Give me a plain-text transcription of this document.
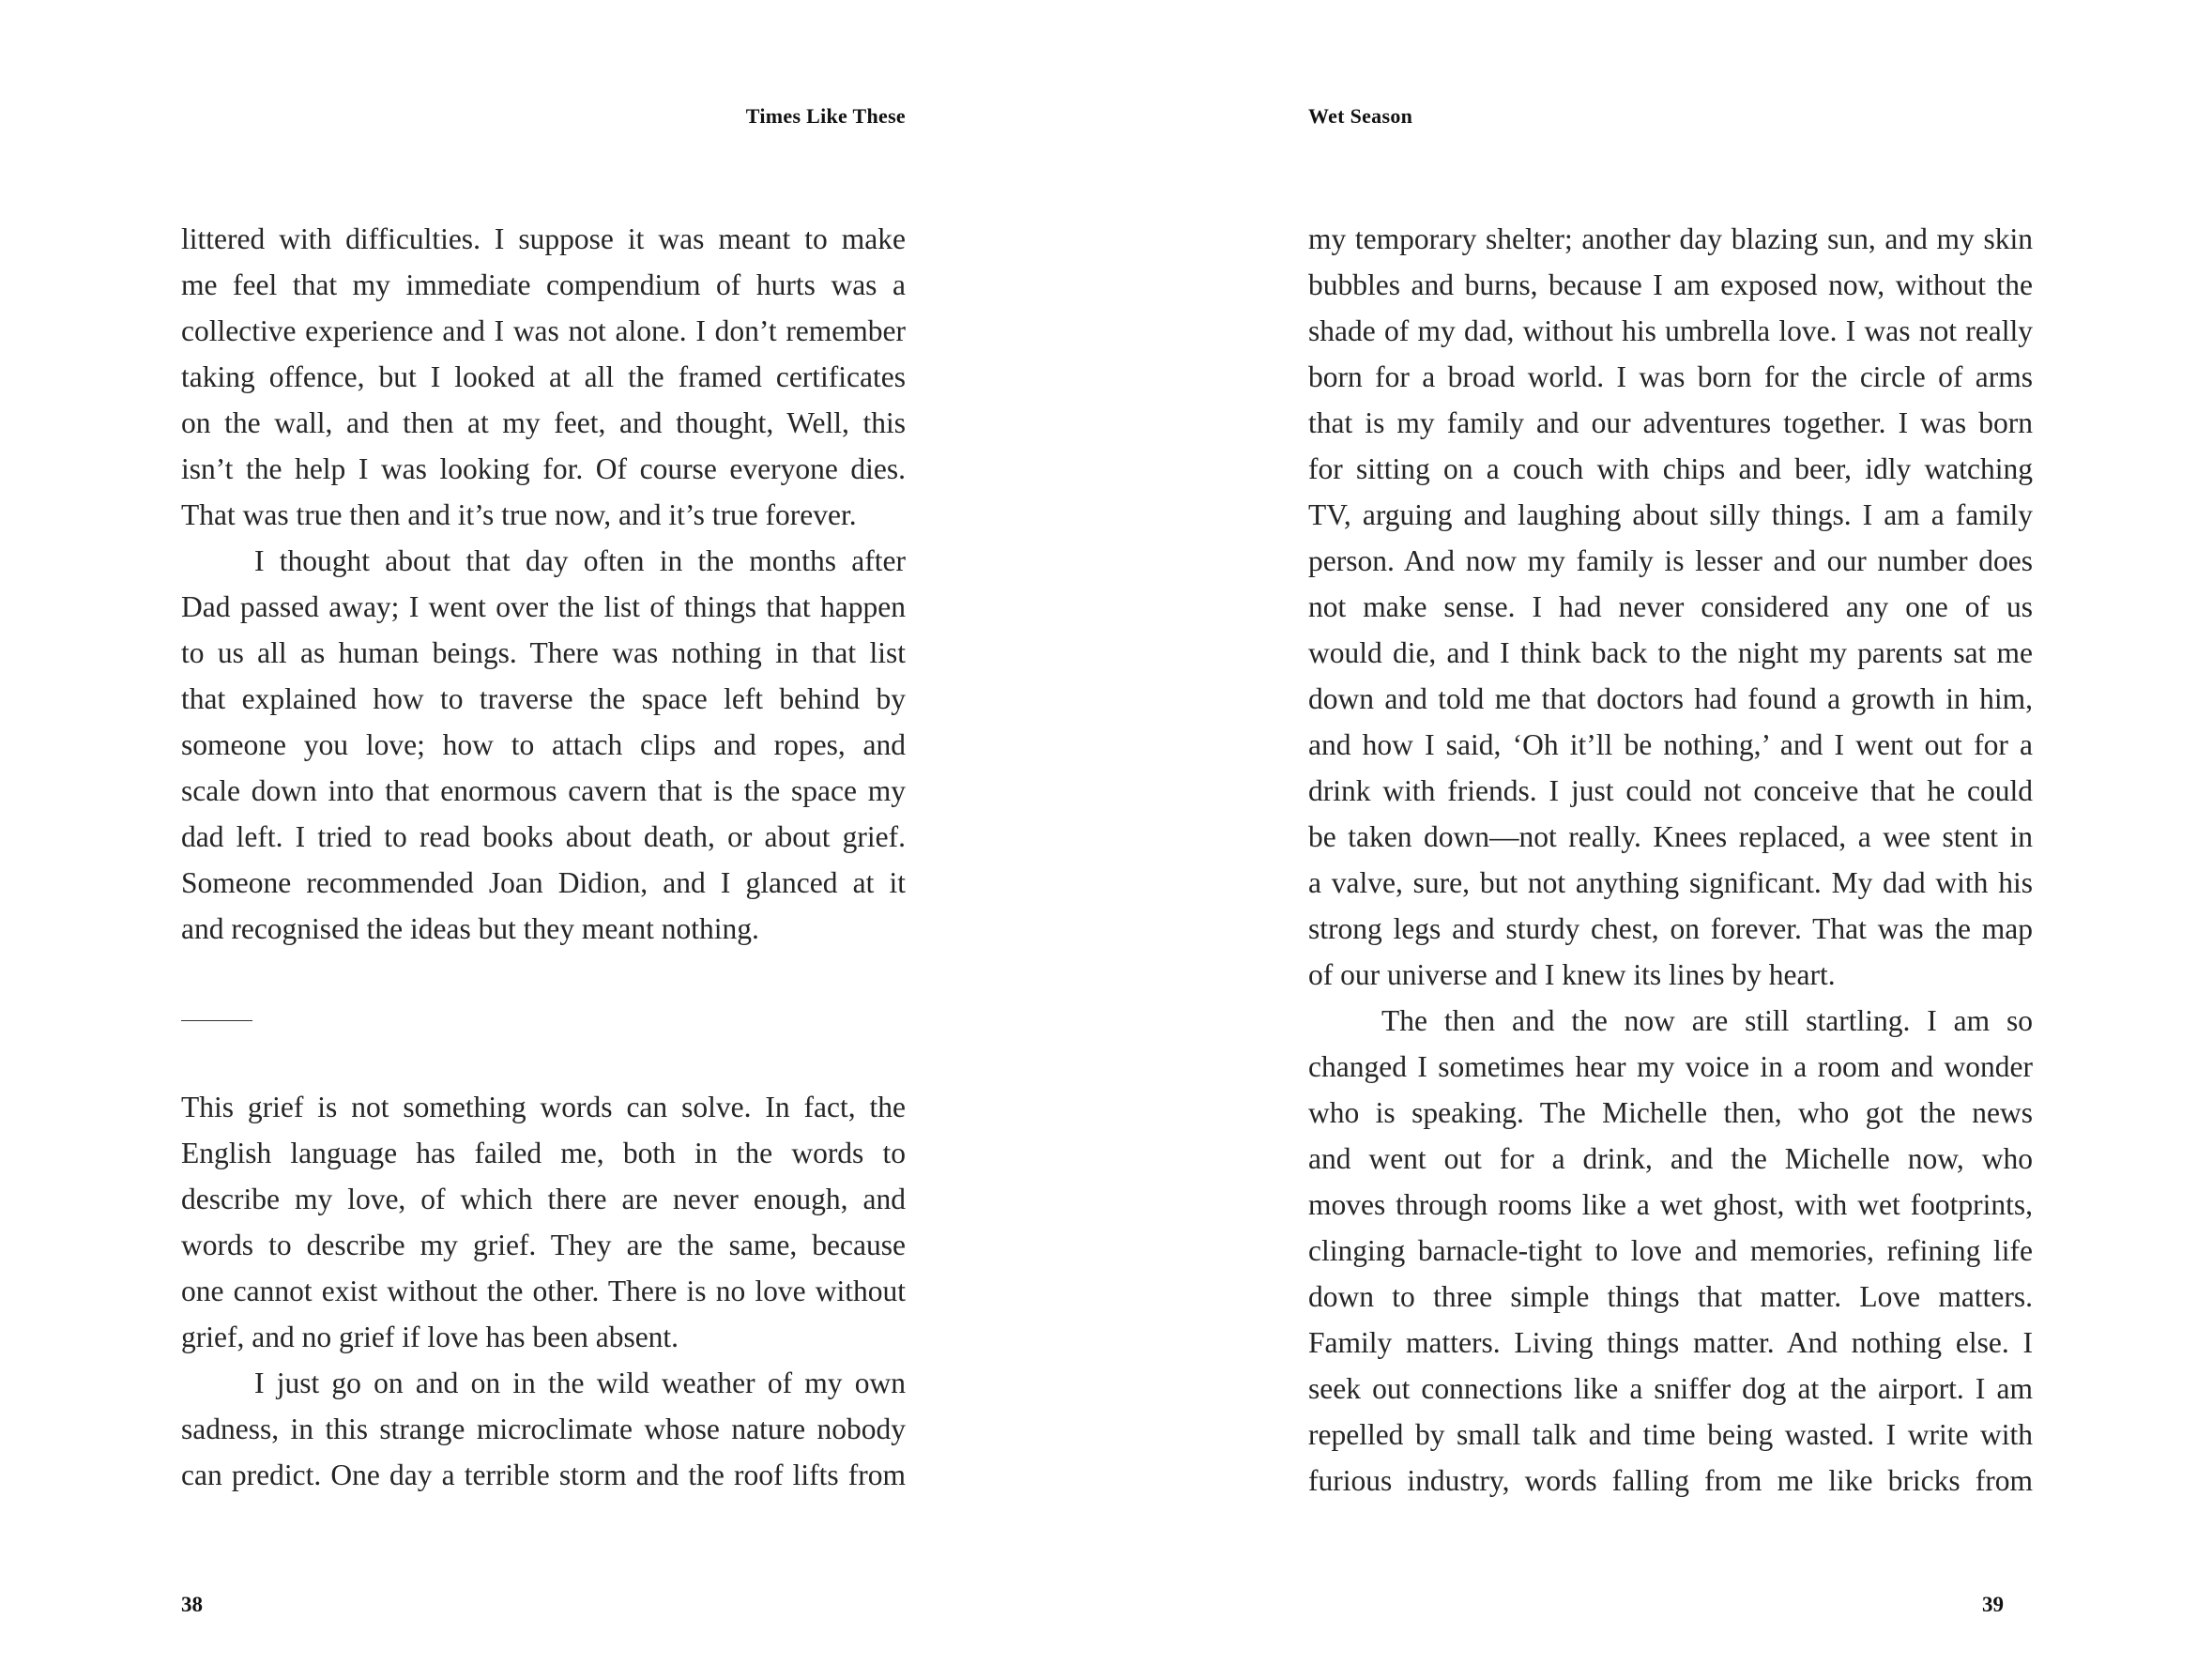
Times Like These
littered with difficulties. I suppose it was meant to make
me feel that my immediate compendium of hurts was a
collective experience and I was not alone. I don’t remember
taking offence, but I looked at all the framed certificates
on the wall, and then at my feet, and thought, Well, this
isn’t the help I was looking for. Of course everyone dies.
That was true then and it’s true now, and it’s true forever.
I thought about that day often in the months after
Dad passed away; I went over the list of things that happen
to us all as human beings. There was nothing in that list
that explained how to traverse the space left behind by
someone you love; how to attach clips and ropes, and
scale down into that enormous cavern that is the space my
dad left. I tried to read books about death, or about grief.
Someone recommended Joan Didion, and I glanced at it
and recognised the ideas but they meant nothing.
This grief is not something words can solve. In fact, the
English language has failed me, both in the words to
describe my love, of which there are never enough, and
words to describe my grief. They are the same, because
one cannot exist without the other. There is no love without
grief, and no grief if love has been absent.
I just go on and on in the wild weather of my own
sadness, in this strange microclimate whose nature nobody
can predict. One day a terrible storm and the roof lifts from
38
Wet Season
my temporary shelter; another day blazing sun, and my skin
bubbles and burns, because I am exposed now, without the
shade of my dad, without his umbrella love. I was not really
born for a broad world. I was born for the circle of arms
that is my family and our adventures together. I was born
for sitting on a couch with chips and beer, idly watching
TV, arguing and laughing about silly things. I am a family
person. And now my family is lesser and our number does
not make sense. I had never considered any one of us
would die, and I think back to the night my parents sat me
down and told me that doctors had found a growth in him,
and how I said, ‘Oh it’ll be nothing,’ and I went out for a
drink with friends. I just could not conceive that he could
be taken down—not really. Knees replaced, a wee stent in
a valve, sure, but not anything significant. My dad with his
strong legs and sturdy chest, on forever. That was the map
of our universe and I knew its lines by heart.
The then and the now are still startling. I am so
changed I sometimes hear my voice in a room and wonder
who is speaking. The Michelle then, who got the news
and went out for a drink, and the Michelle now, who
moves through rooms like a wet ghost, with wet footprints,
clinging barnacle-tight to love and memories, refining life
down to three simple things that matter. Love matters.
Family matters. Living things matter. And nothing else. I
seek out connections like a sniffer dog at the airport. I am
repelled by small talk and time being wasted. I write with
furious industry, words falling from me like bricks from
39
